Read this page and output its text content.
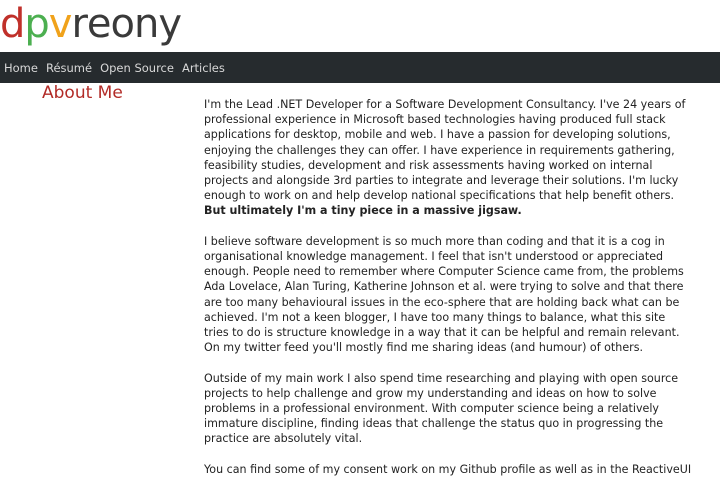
d p v r e o n y
Home Résumé Open Source Articles
About Me

I'm the Lead .NET Developer for a Software Development Consultancy. I've 24 years of professional experience in Microsoft based technologies having produced full stack applications for desktop, mobile and web. I have a passion for developing solutions, enjoying the challenges they can offer. I have experience in requirements gathering, feasibility studies, development and risk assessments having worked on internal projects and alongside 3rd parties to integrate and leverage their solutions. I'm lucky enough to work on and help develop national specifications that help benefit others. But ultimately I'm a tiny piece in a massive jigsaw.

I believe software development is so much more than coding and that it is a cog in organisational knowledge management. I feel that isn't understood or appreciated enough. People need to remember where Computer Science came from, the problems Ada Lovelace, Alan Turing, Katherine Johnson et al. were trying to solve and that there are too many behavioural issues in the eco-sphere that are holding back what can be achieved. I'm not a keen blogger, I have too many things to balance, what this site tries to do is structure knowledge in a way that it can be helpful and remain relevant. On my twitter feed you'll mostly find me sharing ideas (and humour) of others.

Outside of my main work I also spend time researching and playing with open source projects to help challenge and grow my understanding and ideas on how to solve problems in a professional environment. With computer science being a relatively immature discipline, finding ideas that challenge the status quo in progressing the practice are absolutely vital.

You can find some of my consent work on my Github profile as well as in the ReactiveUI
